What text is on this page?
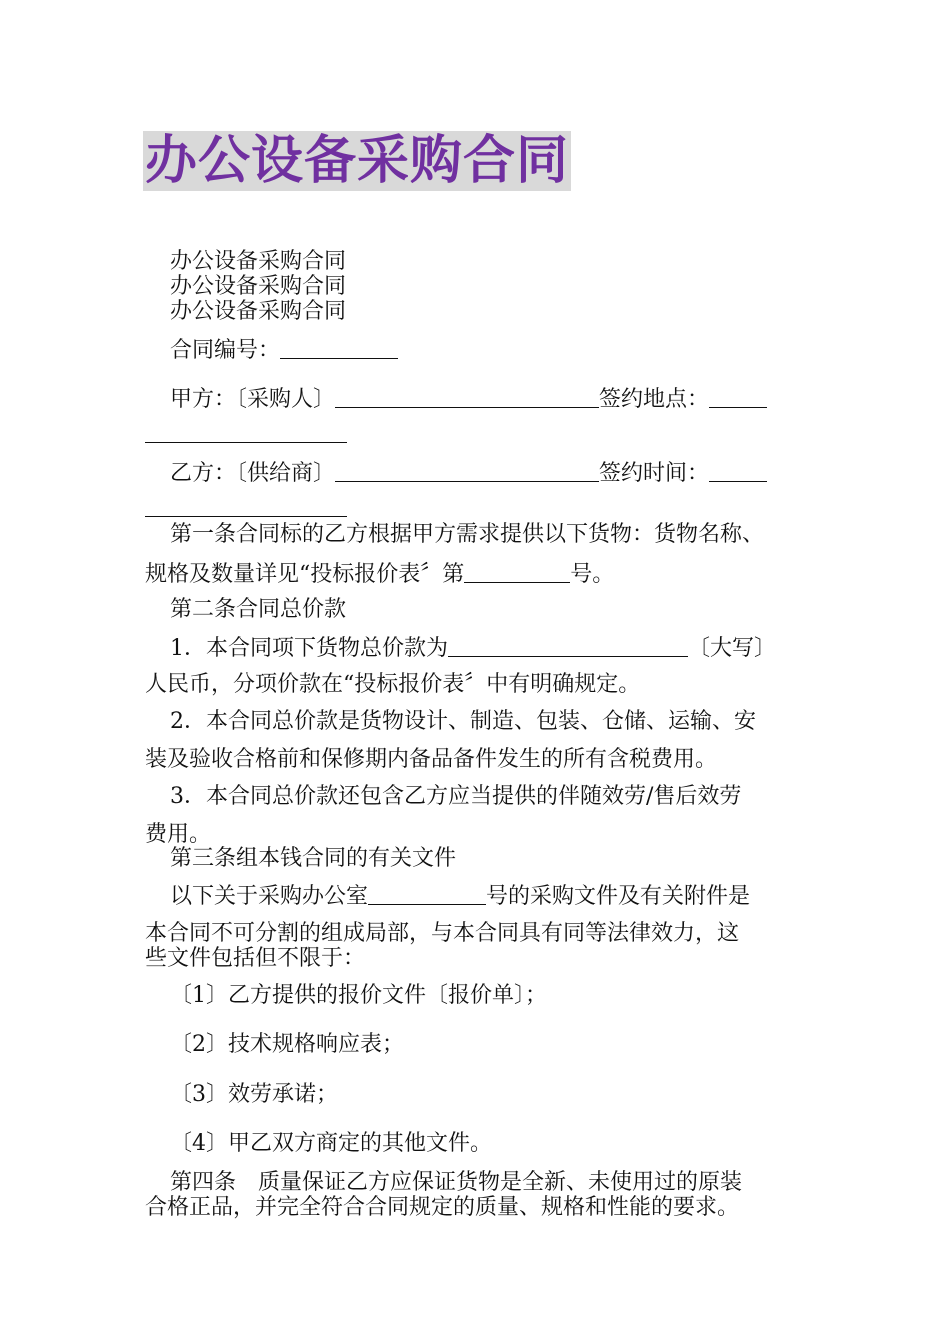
办公设备采购合同
办公设备采购合同
办公设备采购合同
办公设备采购合同
合同编号：
甲方：〔采购人〕	签约地点：
乙方：〔供给商〕	签约时间：
第一条合同标的乙方根据甲方需求提供以下货物：货物名称、
规格及数量详见“投标报价表〞第	号。
第二条合同总价款
1．本合同项下货物总价款为	〔大写〕
人民币，分项价款在“投标报价表〞中有明确规定。
2．本合同总价款是货物设计、制造、包装、仓储、运输、安
装及验收合格前和保修期内备品备件发生的所有含税费用。
3．本合同总价款还包含乙方应当提供的伴随效劳/售后效劳
费用。
第三条组本钱合同的有关文件
以下关于采购办公室	号的采购文件及有关附件是
本合同不可分割的组成局部，与本合同具有同等法律效力，这
些文件包括但不限于：
〔1〕乙方提供的报价文件〔报价单〕；
〔2〕技术规格响应表；
〔3〕效劳承诺；
〔4〕甲乙双方商定的其他文件。
第四条　质量保证乙方应保证货物是全新、未使用过的原装
合格正品，并完全符合合同规定的质量、规格和性能的要求。
